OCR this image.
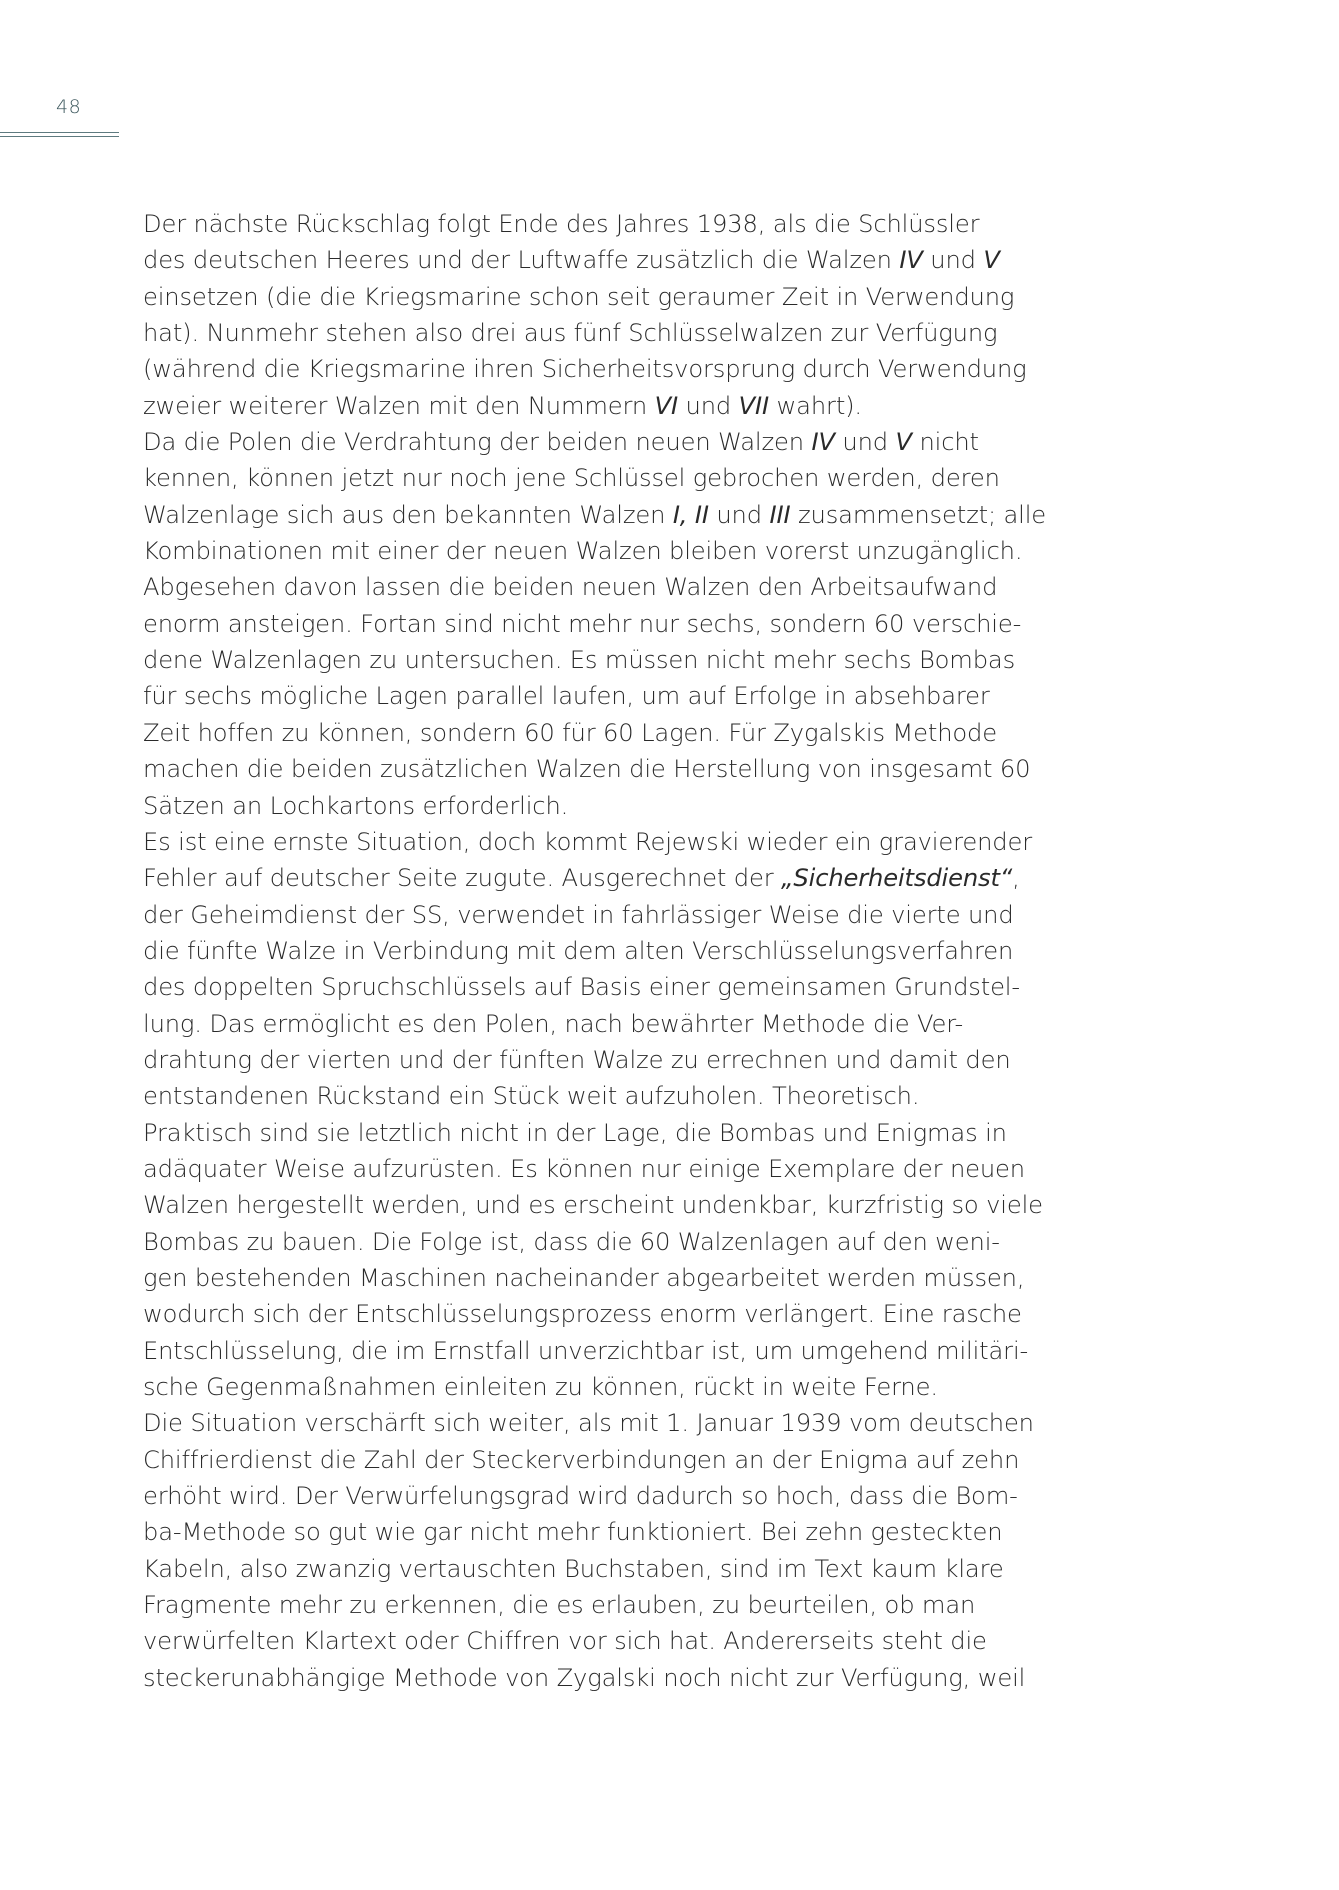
48
Der nächste Rückschlag folgt Ende des Jahres 1938, als die Schlüssler
des deutschen Heeres und der Luftwaffe zusätzlich die Walzen IV und V
einsetzen (die die Kriegsmarine schon seit geraumer Zeit in Verwendung
hat). Nunmehr stehen also drei aus fünf Schlüsselwalzen zur Verfügung
(während die Kriegsmarine ihren Sicherheitsvorsprung durch Verwendung
zweier weiterer Walzen mit den Nummern VI und VII wahrt).
Da die Polen die Verdrahtung der beiden neuen Walzen IV und V nicht
kennen, können jetzt nur noch jene Schlüssel gebrochen werden, deren
Walzenlage sich aus den bekannten Walzen I, II und III zusammensetzt; alle
Kombinationen mit einer der neuen Walzen bleiben vorerst unzugänglich.
Abgesehen davon lassen die beiden neuen Walzen den Arbeitsaufwand
enorm ansteigen. Fortan sind nicht mehr nur sechs, sondern 60 verschie-
dene Walzenlagen zu untersuchen. Es müssen nicht mehr sechs Bombas
für sechs mögliche Lagen parallel laufen, um auf Erfolge in absehbarer
Zeit hoffen zu können, sondern 60 für 60 Lagen. Für Zygalskis Methode
machen die beiden zusätzlichen Walzen die Herstellung von insgesamt 60
Sätzen an Lochkartons erforderlich.
Es ist eine ernste Situation, doch kommt Rejewski wieder ein gravierender
Fehler auf deutscher Seite zugute. Ausgerechnet der „Sicherheitsdienst“,
der Geheimdienst der SS, verwendet in fahrlässiger Weise die vierte und
die fünfte Walze in Verbindung mit dem alten Verschlüsselungsverfahren
des doppelten Spruchschlüssels auf Basis einer gemeinsamen Grundstel-
lung. Das ermöglicht es den Polen, nach bewährter Methode die Ver-
drahtung der vierten und der fünften Walze zu errechnen und damit den
entstandenen Rückstand ein Stück weit aufzuholen. Theoretisch.
Praktisch sind sie letztlich nicht in der Lage, die Bombas und Enigmas in
adäquater Weise aufzurüsten. Es können nur einige Exemplare der neuen
Walzen hergestellt werden, und es erscheint undenkbar, kurzfristig so viele
Bombas zu bauen. Die Folge ist, dass die 60 Walzenlagen auf den weni-
gen bestehenden Maschinen nacheinander abgearbeitet werden müssen,
wodurch sich der Entschlüsselungsprozess enorm verlängert. Eine rasche
Entschlüsselung, die im Ernstfall unverzichtbar ist, um umgehend militäri-
sche Gegenmaßnahmen einleiten zu können, rückt in weite Ferne.
Die Situation verschärft sich weiter, als mit 1. Januar 1939 vom deutschen
Chiffrierdienst die Zahl der Steckerverbindungen an der Enigma auf zehn
erhöht wird. Der Verwürfelungsgrad wird dadurch so hoch, dass die Bom-
ba-Methode so gut wie gar nicht mehr funktioniert. Bei zehn gesteckten
Kabeln, also zwanzig vertauschten Buchstaben, sind im Text kaum klare
Fragmente mehr zu erkennen, die es erlauben, zu beurteilen, ob man
verwürfelten Klartext oder Chiffren vor sich hat. Andererseits steht die
steckerunabhängige Methode von Zygalski noch nicht zur Verfügung, weil
